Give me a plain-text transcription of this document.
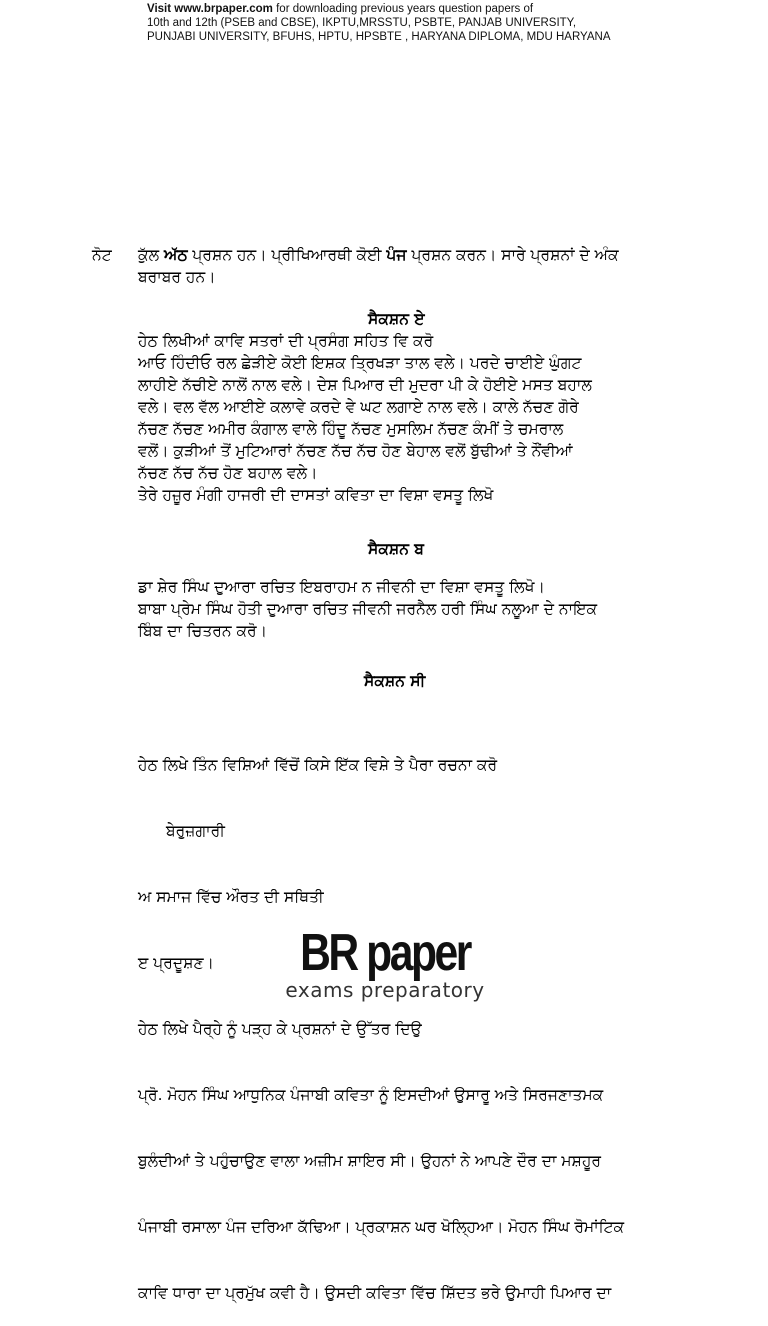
Visit www.brpaper.com for downloading previous years question papers of
10th and 12th (PSEB and CBSE), IKPTU,MRSSTU, PSBTE, PANJAB UNIVERSITY,
PUNJABI UNIVERSITY, BFUHS, HPTU, HPSBTE , HARYANA DIPLOMA, MDU HARYANA
ਨੋਟ ਕੁੱਲ ਅੱਠ ਪ੍ਰਸ਼ਨ ਹਨ। ਪ੍ਰੀਖਿਆਰਥੀ ਕੋਈ ਪੰਜ ਪ੍ਰਸ਼ਨ ਕਰਨ। ਸਾਰੇ ਪ੍ਰਸ਼ਨਾਂ ਦੇ ਅੰਕ
ਬਰਾਬਰ ਹਨ।
ਸੈਕਸ਼ਨ ਏ
ਹੇਠ ਲਿਖੀਆਂ ਕਾਵਿ ਸਤਰਾਂ ਦੀ ਪ੍ਰਸੰਗ ਸਹਿਤ ਵਿ ਕਰੋ
ਆਓ ਹਿੰਦੀਓ ਰਲ ਛੇੜੀਏ ਕੋਈ ਇਸ਼ਕ ਤ੍ਰਿਖੜਾ ਤਾਲ ਵਲੇ। ਪਰਦੇ ਚਾਈਏ ਘੁੰਗਟ
ਲਾਹੀਏ ਨੱਚੀਏ ਨਾਲੋਂ ਨਾਲ ਵਲੇ। ਦੇਸ਼ ਪਿਆਰ ਦੀ ਮੁਦਰਾ ਪੀ ਕੇ ਹੋਈਏ ਮਸਤ ਬਹਾਲ
ਵਲੇ। ਵਲ ਵੱਲ ਆਈਏ ਕਲਾਵੇ ਕਰਦੇ ਵੇ ਘਟ ਲਗਾਏ ਨਾਲ ਵਲੇ। ਕਾਲੇ ਨੱਚਣ ਗੋਰੇ
ਨੱਚਣ ਨੱਚਣ ਅਮੀਰ ਕੰਗਾਲ ਵਾਲੇ ਹਿੰਦੂ ਨੱਚਣ ਮੁਸਲਿਮ ਨੱਚਣ ਕੰਮੀਂ ਤੇ ਚਮਰਾਲ
ਵਲੋਂ। ਕੁੜੀਆਂ ਤੋਂ ਮੁਟਿਆਰਾਂ ਨੱਚਣ ਨੱਚ ਨੱਚ ਹੋਣ ਬੇਹਾਲ ਵਲੋਂ ਬੁੱਢੀਆਂ ਤੇ ਨੌਂਵੀਆਂ
ਨੱਚਣ ਨੱਚ ਨੱਚ ਹੋਣ ਬਹਾਲ ਵਲੇ।
ਤੇਰੇ ਹਜ਼ੂਰ ਮੰਗੀ ਹਾਜਰੀ ਦੀ ਦਾਸਤਾਂ ਕਵਿਤਾ ਦਾ ਵਿਸ਼ਾ ਵਸਤੂ ਲਿਖੋ
ਸੈਕਸ਼ਨ ਬ
ਡਾ ਸ਼ੇਰ ਸਿੰਘ ਦੁਆਰਾ ਰਚਿਤ ਇਬਰਾਹਮ ਨ ਜੀਵਨੀ ਦਾ ਵਿਸ਼ਾ ਵਸਤੂ ਲਿਖੋ।
ਬਾਬਾ ਪ੍ਰੇਮ ਸਿੰਘ ਹੋਤੀ ਦੁਆਰਾ ਰਚਿਤ ਜੀਵਨੀ ਜਰਨੈਲ ਹਰੀ ਸਿੰਘ ਨਲੂਆ ਦੇ ਨਾਇਕ
ਬਿੰਬ ਦਾ ਚਿਤਰਨ ਕਰੋ।
ਸੈਕਸ਼ਨ ਸੀ

ਹੇਠ ਲਿਖੇ ਤਿੰਨ ਵਿਸ਼ਿਆਂ ਵਿੱਚੋਂ ਕਿਸੇ ਇੱਕ ਵਿਸ਼ੇ ਤੇ ਪੈਰਾ ਰਚਨਾ ਕਰੋ

ਬੇਰੁਜ਼ਗਾਰੀ

ਅ ਸਮਾਜ ਵਿੱਚ ਔਰਤ ਦੀ ਸਥਿਤੀ

ੲ ਪ੍ਰਦੂਸ਼ਣ।

ਹੇਠ ਲਿਖੇ ਪੈਰ੍ਹੇ ਨੂੰ ਪੜ੍ਹ ਕੇ ਪ੍ਰਸ਼ਨਾਂ ਦੇ ਉੱਤਰ ਦਿਉ

ਪ੍ਰੋ. ਮੋਹਨ ਸਿੰਘ ਆਧੁਨਿਕ ਪੰਜਾਬੀ ਕਵਿਤਾ ਨੂੰ ਇਸਦੀਆਂ ਉਸਾਰੂ ਅਤੇ ਸਿਰਜਣਾਤਮਕ

ਬੁਲੰਦੀਆਂ ਤੇ ਪਹੁੰਚਾਉਣ ਵਾਲਾ ਅਜ਼ੀਮ ਸ਼ਾਇਰ ਸੀ। ਉਹਨਾਂ ਨੇ ਆਪਣੇ ਦੌਰ ਦਾ ਮਸ਼ਹੂਰ

ਪੰਜਾਬੀ ਰਸਾਲਾ ਪੰਜ ਦਰਿਆ ਕੱਢਿਆ। ਪ੍ਰਕਾਸ਼ਨ ਘਰ ਖੋਲ੍ਹਿਆ। ਮੋਹਨ ਸਿੰਘ ਰੋਮਾਂਟਿਕ

ਕਾਵਿ ਧਾਰਾ ਦਾ ਪ੍ਰਮੁੱਖ ਕਵੀ ਹੈ। ਉਸਦੀ ਕਵਿਤਾ ਵਿੱਚ ਸ਼ਿੱਦਤ ਭਰੇ ਉਮਾਹੀ ਪਿਆਰ ਦਾ

BR paper
exams preparatory
